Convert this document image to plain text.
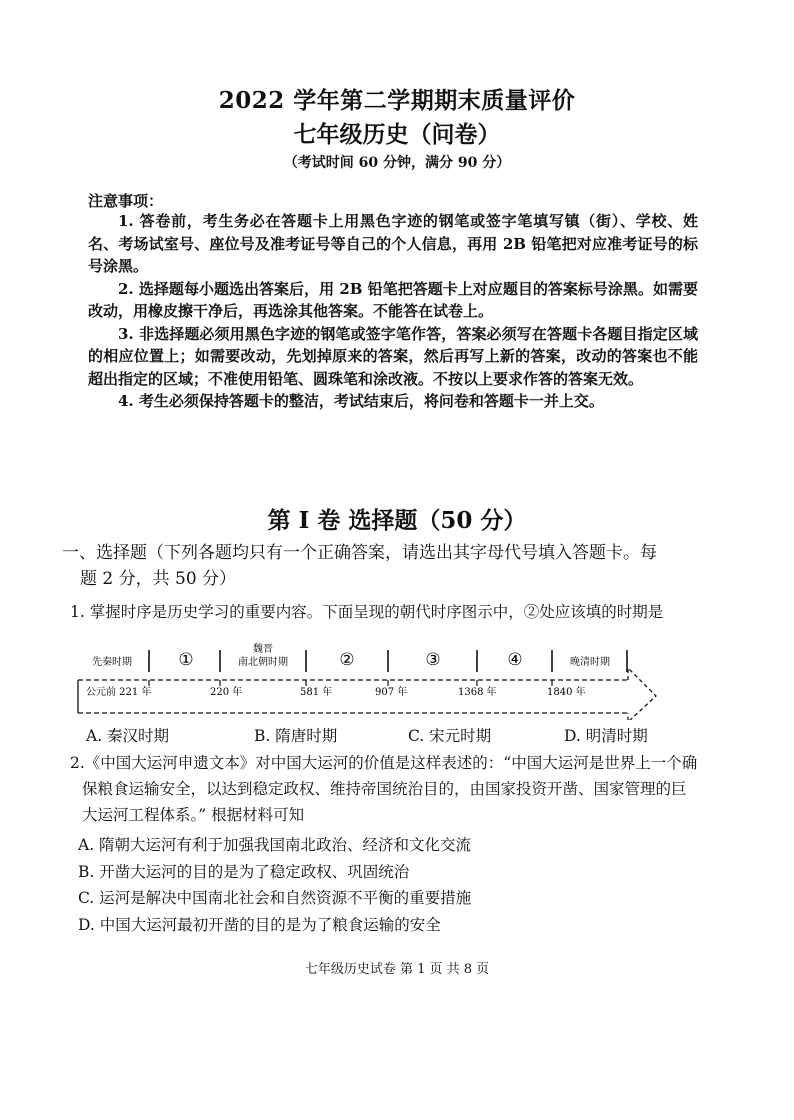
2022 学年第二学期期末质量评价
七年级历史（问卷）
（考试时间 60 分钟，满分 90 分）
注意事项：

1. 答卷前，考生务必在答题卡上用黑色字迹的钢笔或签字笔填写镇（街）、学校、姓名、考场试室号、座位号及准考证号等自己的个人信息，再用 2B 铅笔把对应准考证号的标号涂黑。

2. 选择题每小题选出答案后，用 2B 铅笔把答题卡上对应题目的答案标号涂黑。如需要改动，用橡皮擦干净后，再选涂其他答案。不能答在试卷上。

3. 非选择题必须用黑色字迹的钢笔或签字笔作答，答案必须写在答题卡各题目指定区域的相应位置上；如需要改动，先划掉原来的答案，然后再写上新的答案，改动的答案也不能超出指定的区域；不准使用铅笔、圆珠笔和涂改液。不按以上要求作答的答案无效。

4. 考生必须保持答题卡的整洁，考试结束后，将问卷和答题卡一并上交。

第 I 卷 选择题（50 分）
一、选择题（下列各题均只有一个正确答案，请选出其字母代号填入答题卡。每
题 2 分，共 50 分）
1. 掌握时序是历史学习的重要内容。下面呈现的朝代时序图示中，②处应该填的时期是
先秦时期	①
魏晋
南北朝时期	②	③	④	晚清时期
公元前 221 年	220 年	581 年	907 年	1368 年	1840 年
A. 秦汉时期	B. 隋唐时期	C. 宋元时期	D. 明清时期
2.《中国大运河申遗文本》对中国大运河的价值是这样表述的：“中国大运河是世界上一个确
保粮食运输安全，以达到稳定政权、维持帝国统治目的，由国家投资开凿、国家管理的巨
大运河工程体系。” 根据材料可知
A. 隋朝大运河有利于加强我国南北政治、经济和文化交流
B. 开凿大运河的目的是为了稳定政权、巩固统治
C. 运河是解决中国南北社会和自然资源不平衡的重要措施
D. 中国大运河最初开凿的目的是为了粮食运输的安全
七年级历史试卷 第 1 页 共 8 页
